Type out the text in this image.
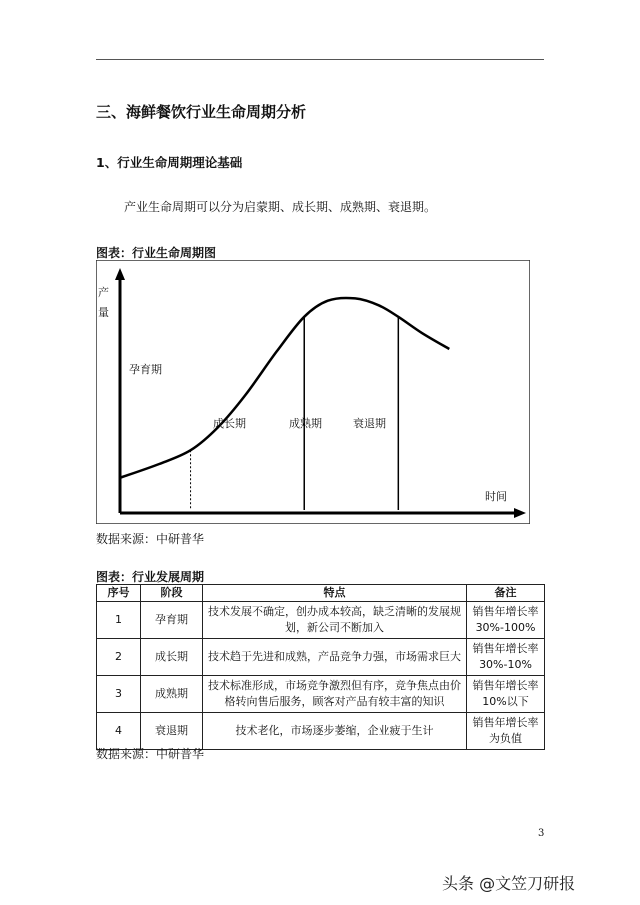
三、海鲜餐饮行业生命周期分析
1、行业生命周期理论基础

产业生命周期可以分为启蒙期、成长期、成熟期、衰退期。

图表：行业生命周期图

产
量
时间
孕育期
成长期	成熟期	衰退期

数据来源：中研普华

图表：行业发展周期

序号	阶段	特点	备注
1	孕育期	技术发展不确定，创办成本较高，缺乏清晰的发展规划，新公司不断加入	销售年增长率30%-100%
2	成长期	技术趋于先进和成熟，产品竞争力强，市场需求巨大	销售年增长率30%-10%
3	成熟期	技术标准形成，市场竞争激烈但有序，竞争焦点由价格转向售后服务，顾客对产品有较丰富的知识	销售年增长率10%以下
4	衰退期	技术老化，市场逐步萎缩，企业疲于生计	销售年增长率为负值

数据来源：中研普华

3

头条 @文笠刀研报
